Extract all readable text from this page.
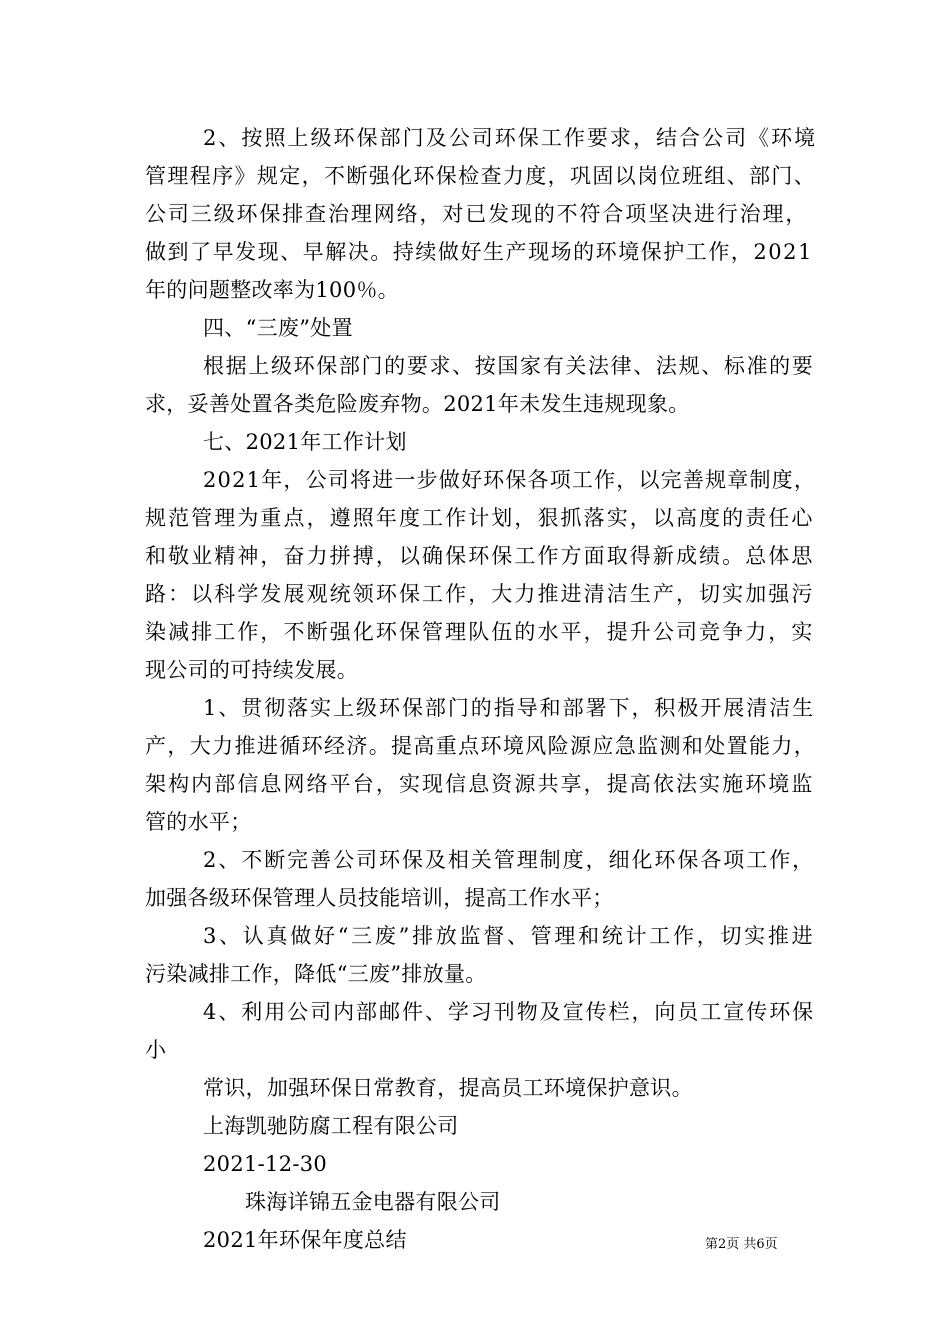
2、按照上级环保部门及公司环保工作要求，结合公司《环境
管理程序》规定，不断强化环保检查力度，巩固以岗位班组、部门、
公司三级环保排查治理网络，对已发现的不符合项坚决进行治理，
做到了早发现、早解决。持续做好生产现场的环境保护工作，2021
年的问题整改率为100％。
四、“三废”处置
根据上级环保部门的要求、按国家有关法律、法规、标准的要
求，妥善处置各类危险废弃物。2021年未发生违规现象。
七、2021年工作计划
2021年，公司将进一步做好环保各项工作，以完善规章制度，
规范管理为重点，遵照年度工作计划，狠抓落实，以高度的责任心
和敬业精神，奋力拼搏，以确保环保工作方面取得新成绩。总体思
路：以科学发展观统领环保工作，大力推进清洁生产，切实加强污
染减排工作，不断强化环保管理队伍的水平，提升公司竞争力，实
现公司的可持续发展。
1、贯彻落实上级环保部门的指导和部署下，积极开展清洁生
产，大力推进循环经济。提高重点环境风险源应急监测和处置能力，
架构内部信息网络平台，实现信息资源共享，提高依法实施环境监
管的水平；
2、不断完善公司环保及相关管理制度，细化环保各项工作，
加强各级环保管理人员技能培训，提高工作水平；
3、认真做好“三废”排放监督、管理和统计工作，切实推进
污染减排工作，降低“三废”排放量。
4、利用公司内部邮件、学习刊物及宣传栏，向员工宣传环保
小
常识，加强环保日常教育，提高员工环境保护意识。
上海凯驰防腐工程有限公司
2021-12-30
珠海详锦五金电器有限公司
2021年环保年度总结	第2页 共6页
